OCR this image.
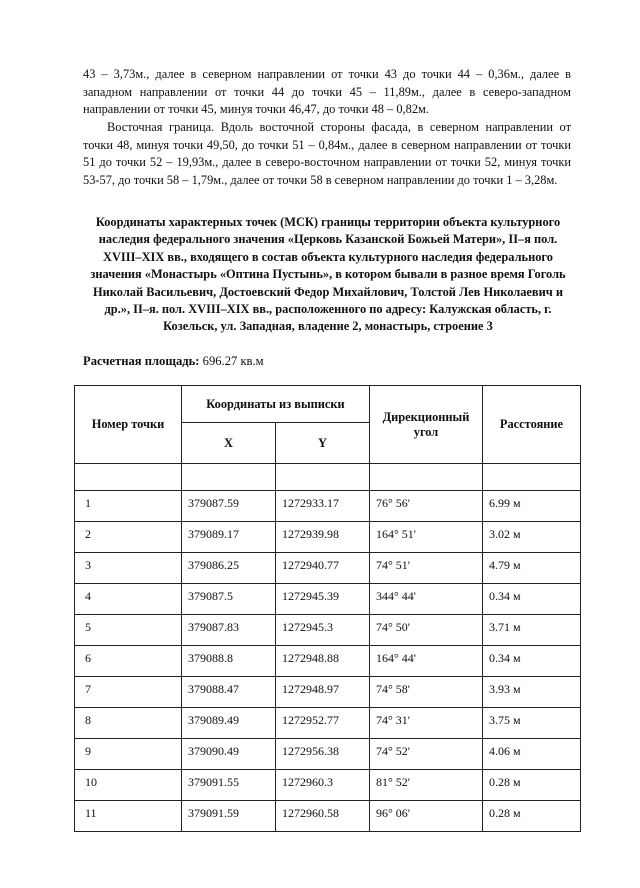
43 – 3,73м., далее в северном направлении от точки 43 до точки 44 – 0,36м., далее в западном направлении от точки 44 до точки 45 – 11,89м., далее в северо-западном направлении от точки 45, минуя точки 46,47, до точки 48 – 0,82м.

Восточная граница. Вдоль восточной стороны фасада, в северном направлении от точки 48, минуя точки 49,50, до точки 51 – 0,84м., далее в северном направлении от точки 51 до точки 52 – 19,93м., далее в северо-восточном направлении от точки 52, минуя точки 53-57, до точки 58 – 1,79м., далее от точки 58 в северном направлении до точки 1 – 3,28м.

Координаты характерных точек (МСК) границы территории объекта культурного наследия федерального значения «Церковь Казанской Божьей Матери», II–я пол. XVIII–XIX вв., входящего в состав объекта культурного наследия федерального значения «Монастырь «Оптина Пустынь», в котором бывали в разное время Гоголь Николай Васильевич, Достоевский Федор Михайлович, Толстой Лев Николаевич и др.», II–я. пол. XVIII–XIX вв., расположенного по адресу: Калужская область, г. Козельск, ул. Западная, владение 2, монастырь, строение 3

Расчетная площадь: 696.27 кв.м
Номер точки	Координаты из выписки		Дирекционный угол	Расстояние
	X	Y		

1	379087.59	1272933.17	76° 56'	6.99 м
2	379089.17	1272939.98	164° 51'	3.02 м
3	379086.25	1272940.77	74° 51'	4.79 м
4	379087.5	1272945.39	344° 44'	0.34 м
5	379087.83	1272945.3	74° 50'	3.71 м
6	379088.8	1272948.88	164° 44'	0.34 м
7	379088.47	1272948.97	74° 58'	3.93 м
8	379089.49	1272952.77	74° 31'	3.75 м
9	379090.49	1272956.38	74° 52'	4.06 м
10	379091.55	1272960.3	81° 52'	0.28 м
11	379091.59	1272960.58	96° 06'	0.28 м
